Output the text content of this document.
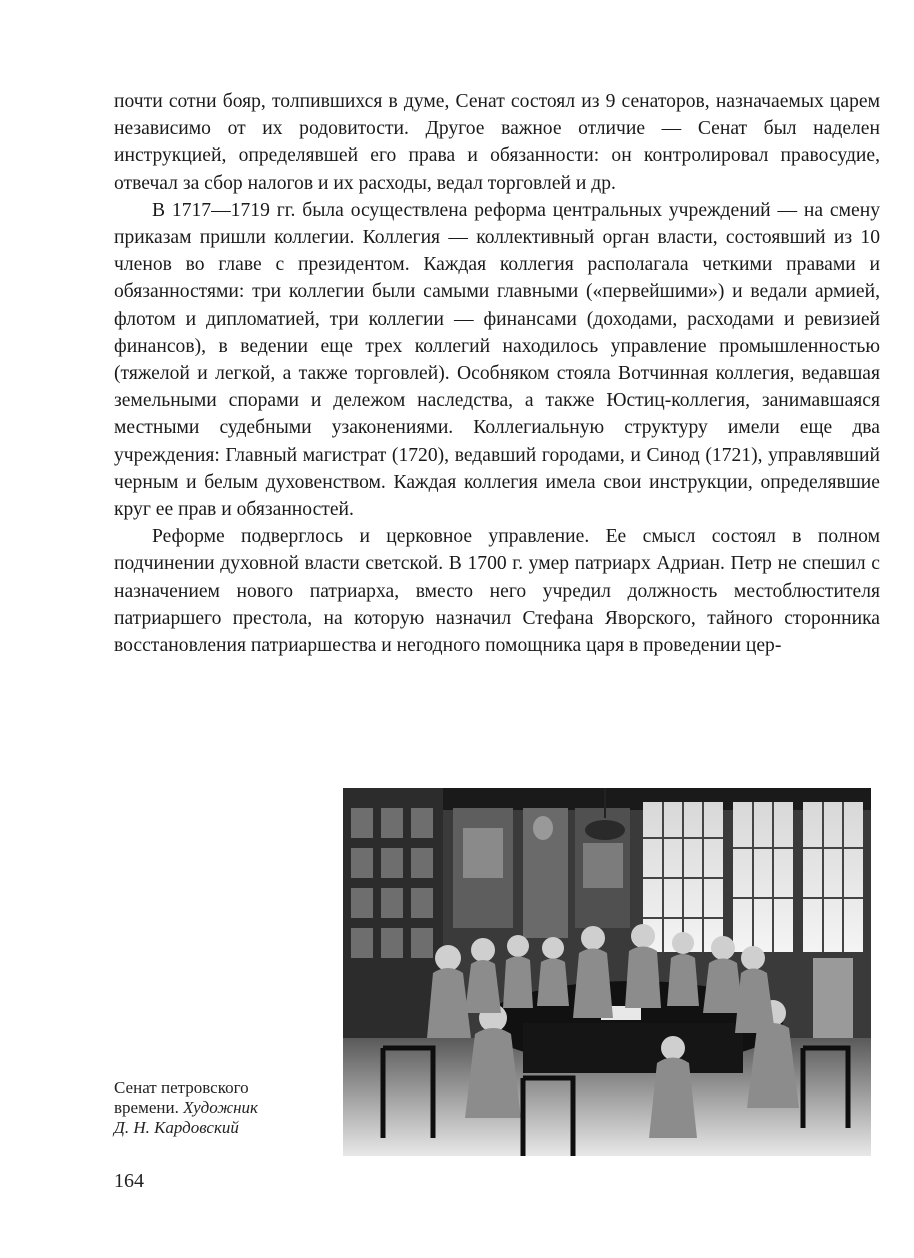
почти сотни бояр, толпившихся в думе, Сенат состоял из 9 сенаторов, назначаемых царем независимо от их родовитости. Другое важное отличие — Сенат был наделен инструкцией, определявшей его права и обязанности: он контролировал правосудие, отвечал за сбор налогов и их расходы, ведал торговлей и др.

В 1717—1719 гг. была осуществлена реформа центральных учреждений — на смену приказам пришли коллегии. Коллегия — коллективный орган власти, состоявший из 10 членов во главе с президентом. Каждая коллегия располагала четкими правами и обязанностями: три коллегии были самыми главными («первейшими») и ведали армией, флотом и дипломатией, три коллегии — финансами (доходами, расходами и ревизией финансов), в ведении еще трех коллегий находилось управление промышленностью (тяжелой и легкой, а также торговлей). Особняком стояла Вотчинная коллегия, ведавшая земельными спорами и дележом наследства, а также Юстиц-коллегия, занимавшаяся местными судебными узаконениями. Коллегиальную структуру имели еще два учреждения: Главный магистрат (1720), ведавший городами, и Синод (1721), управлявший черным и белым духовенством. Каждая коллегия имела свои инструкции, определявшие круг ее прав и обязанностей.

Реформе подверглось и церковное управление. Ее смысл состоял в полном подчинении духовной власти светской. В 1700 г. умер патриарх Адриан. Петр не спешил с назначением нового патриарха, вместо него учредил должность местоблюстителя патриаршего престола, на которую назначил Стефана Яворского, тайного сторонника восстановления патриаршества и негодного помощника царя в проведении цер-

Сенат петровского
времени. Художник
Д. Н. Кардовский
164
